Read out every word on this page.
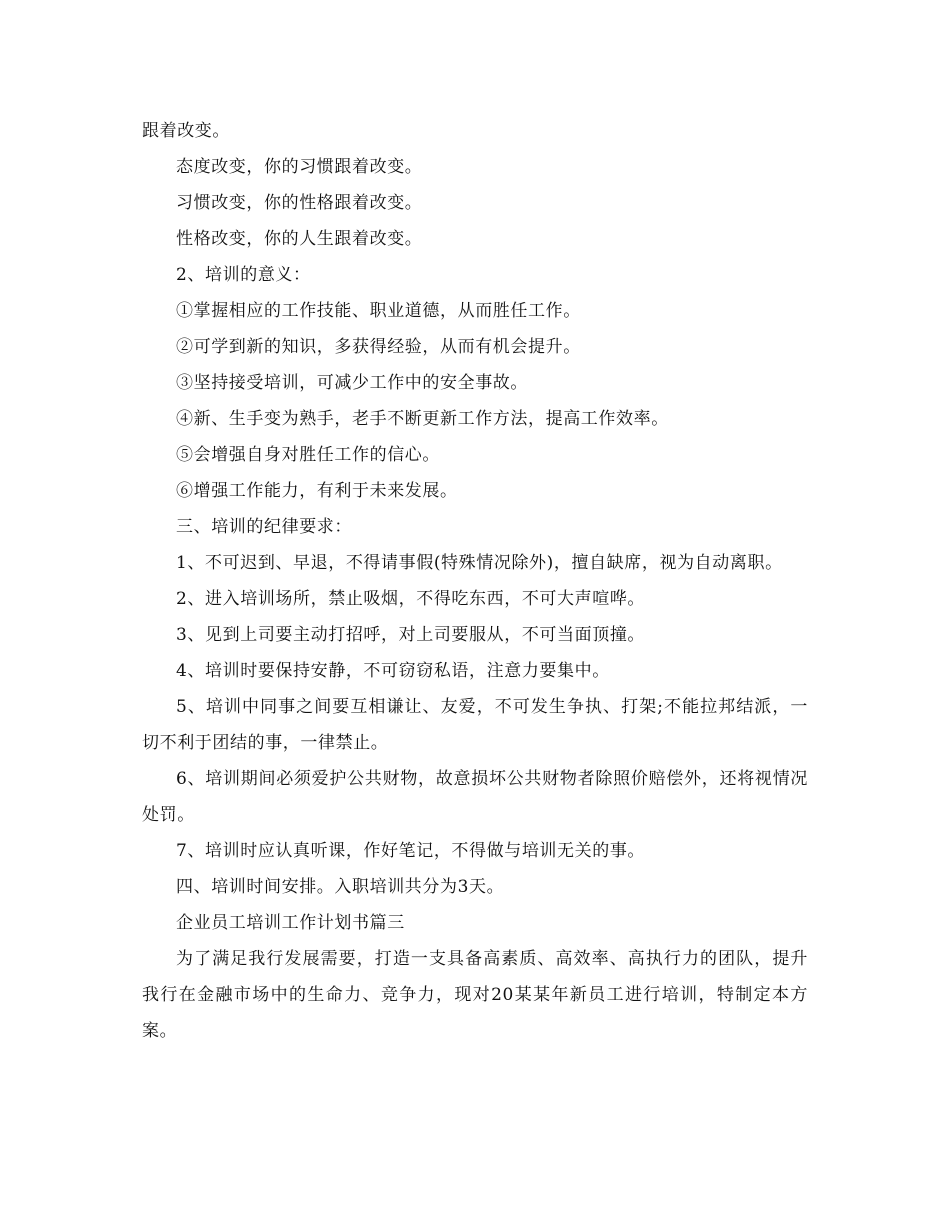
跟着改变。

态度改变，你的习惯跟着改变。

习惯改变，你的性格跟着改变。

性格改变，你的人生跟着改变。

2、培训的意义：

①掌握相应的工作技能、职业道德，从而胜任工作。

②可学到新的知识，多获得经验，从而有机会提升。

③坚持接受培训，可减少工作中的安全事故。

④新、生手变为熟手，老手不断更新工作方法，提高工作效率。

⑤会增强自身对胜任工作的信心。

⑥增强工作能力，有利于未来发展。

三、培训的纪律要求：

1、不可迟到、早退，不得请事假(特殊情况除外)，擅自缺席，视为自动离职。

2、进入培训场所，禁止吸烟，不得吃东西，不可大声喧哗。

3、见到上司要主动打招呼，对上司要服从，不可当面顶撞。

4、培训时要保持安静，不可窃窃私语，注意力要集中。

5、培训中同事之间要互相谦让、友爱，不可发生争执、打架;不能拉邦结派，一切不利于团结的事，一律禁止。

6、培训期间必须爱护公共财物，故意损坏公共财物者除照价赔偿外，还将视情况处罚。

7、培训时应认真听课，作好笔记，不得做与培训无关的事。

四、培训时间安排。入职培训共分为3天。

企业员工培训工作计划书篇三

为了满足我行发展需要，打造一支具备高素质、高效率、高执行力的团队，提升我行在金融市场中的生命力、竞争力，现对20某某年新员工进行培训，特制定本方案。
